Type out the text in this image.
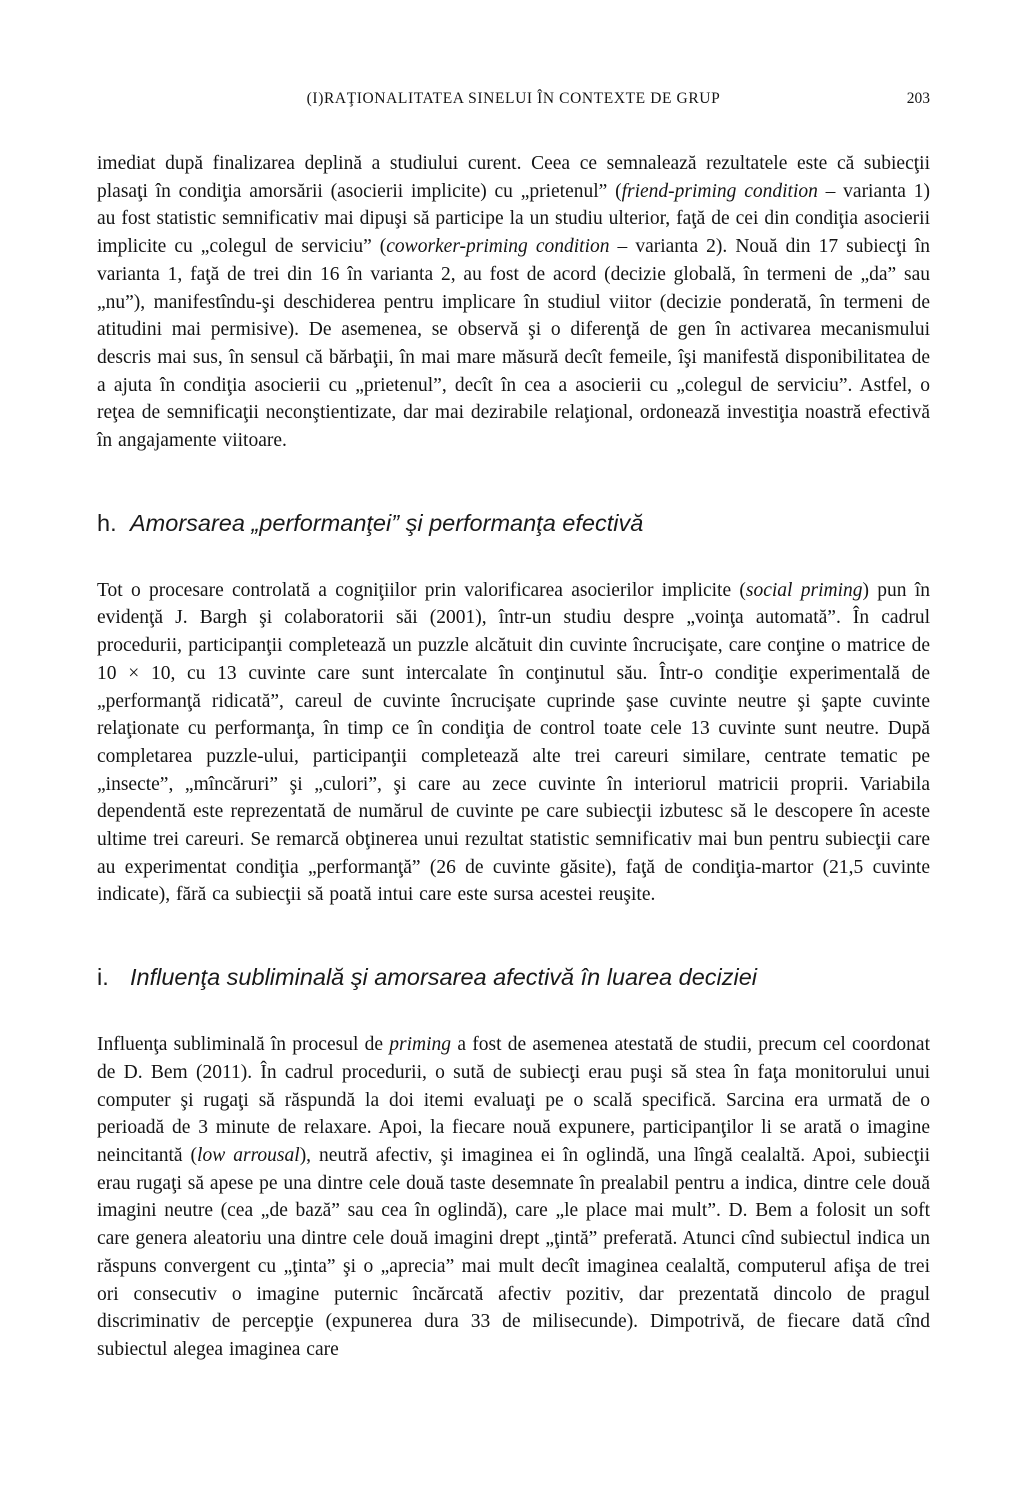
(I)RAŢIONALITATEA SINELUI ÎN CONTEXTE DE GRUP	203

imediat după finalizarea deplină a studiului curent. Ceea ce semnalează rezultatele este că subiecţii plasaţi în condiţia amorsării (asocierii implicite) cu „prietenul” (friend-priming condition – varianta 1) au fost statistic semnificativ mai dipuşi să participe la un studiu ulterior, faţă de cei din condiţia asocierii implicite cu „colegul de serviciu” (coworker-priming condition – varianta 2). Nouă din 17 subiecţi în varianta 1, faţă de trei din 16 în varianta 2, au fost de acord (decizie globală, în termeni de „da” sau „nu”), manifestîndu-şi deschiderea pentru implicare în studiul viitor (decizie ponderată, în termeni de atitudini mai permisive). De asemenea, se observă şi o diferenţă de gen în activarea mecanismului descris mai sus, în sensul că bărbaţii, în mai mare măsură decît femeile, îşi manifestă disponibilitatea de a ajuta în condiţia asocierii cu „prietenul”, decît în cea a asocierii cu „colegul de serviciu”. Astfel, o reţea de semnificaţii neconştientizate, dar mai dezirabile relaţional, ordonează investiţia noastră efectivă în angajamente viitoare.

h. Amorsarea „performanţei” şi performanţa efectivă

Tot o procesare controlată a cogniţiilor prin valorificarea asocierilor implicite (social priming) pun în evidenţă J. Bargh şi colaboratorii săi (2001), într-un studiu despre „voinţa automată”. În cadrul procedurii, participanţii completează un puzzle alcătuit din cuvinte încrucişate, care conţine o matrice de 10 × 10, cu 13 cuvinte care sunt intercalate în conţinutul său. Într-o condiţie experimentală de „performanţă ridicată”, careul de cuvinte încrucişate cuprinde şase cuvinte neutre şi şapte cuvinte relaţionate cu performanţa, în timp ce în condiţia de control toate cele 13 cuvinte sunt neutre. După completarea puzzle-ului, participanţii completează alte trei careuri similare, centrate tematic pe „insecte”, „mîncăruri” şi „culori”, şi care au zece cuvinte în interiorul matricii proprii. Variabila dependentă este reprezentată de numărul de cuvinte pe care subiecţii izbutesc să le descopere în aceste ultime trei careuri. Se remarcă obţinerea unui rezultat statistic semnificativ mai bun pentru subiecţii care au experimentat condiţia „performanţă” (26 de cuvinte găsite), faţă de condiţia-martor (21,5 cuvinte indicate), fără ca subiecţii să poată intui care este sursa acestei reuşite.

i. Influenţa subliminală şi amorsarea afectivă în luarea deciziei

Influenţa subliminală în procesul de priming a fost de asemenea atestată de studii, precum cel coordonat de D. Bem (2011). În cadrul procedurii, o sută de subiecţi erau puşi să stea în faţa monitorului unui computer şi rugaţi să răspundă la doi itemi evaluaţi pe o scală specifică. Sarcina era urmată de o perioadă de 3 minute de relaxare. Apoi, la fiecare nouă expunere, participanţilor li se arată o imagine neincitantă (low arrousal), neutră afectiv, şi imaginea ei în oglindă, una lîngă cealaltă. Apoi, subiecţii erau rugaţi să apese pe una dintre cele două taste desemnate în prealabil pentru a indica, dintre cele două imagini neutre (cea „de bază” sau cea în oglindă), care „le place mai mult”. D. Bem a folosit un soft care genera aleatoriu una dintre cele două imagini drept „ţintă” preferată. Atunci cînd subiectul indica un răspuns convergent cu „ţinta” şi o „aprecia” mai mult decît imaginea cealaltă, computerul afişa de trei ori consecutiv o imagine puternic încărcată afectiv pozitiv, dar prezentată dincolo de pragul discriminativ de percepţie (expunerea dura 33 de milisecunde). Dimpotrivă, de fiecare dată cînd subiectul alegea imaginea care
